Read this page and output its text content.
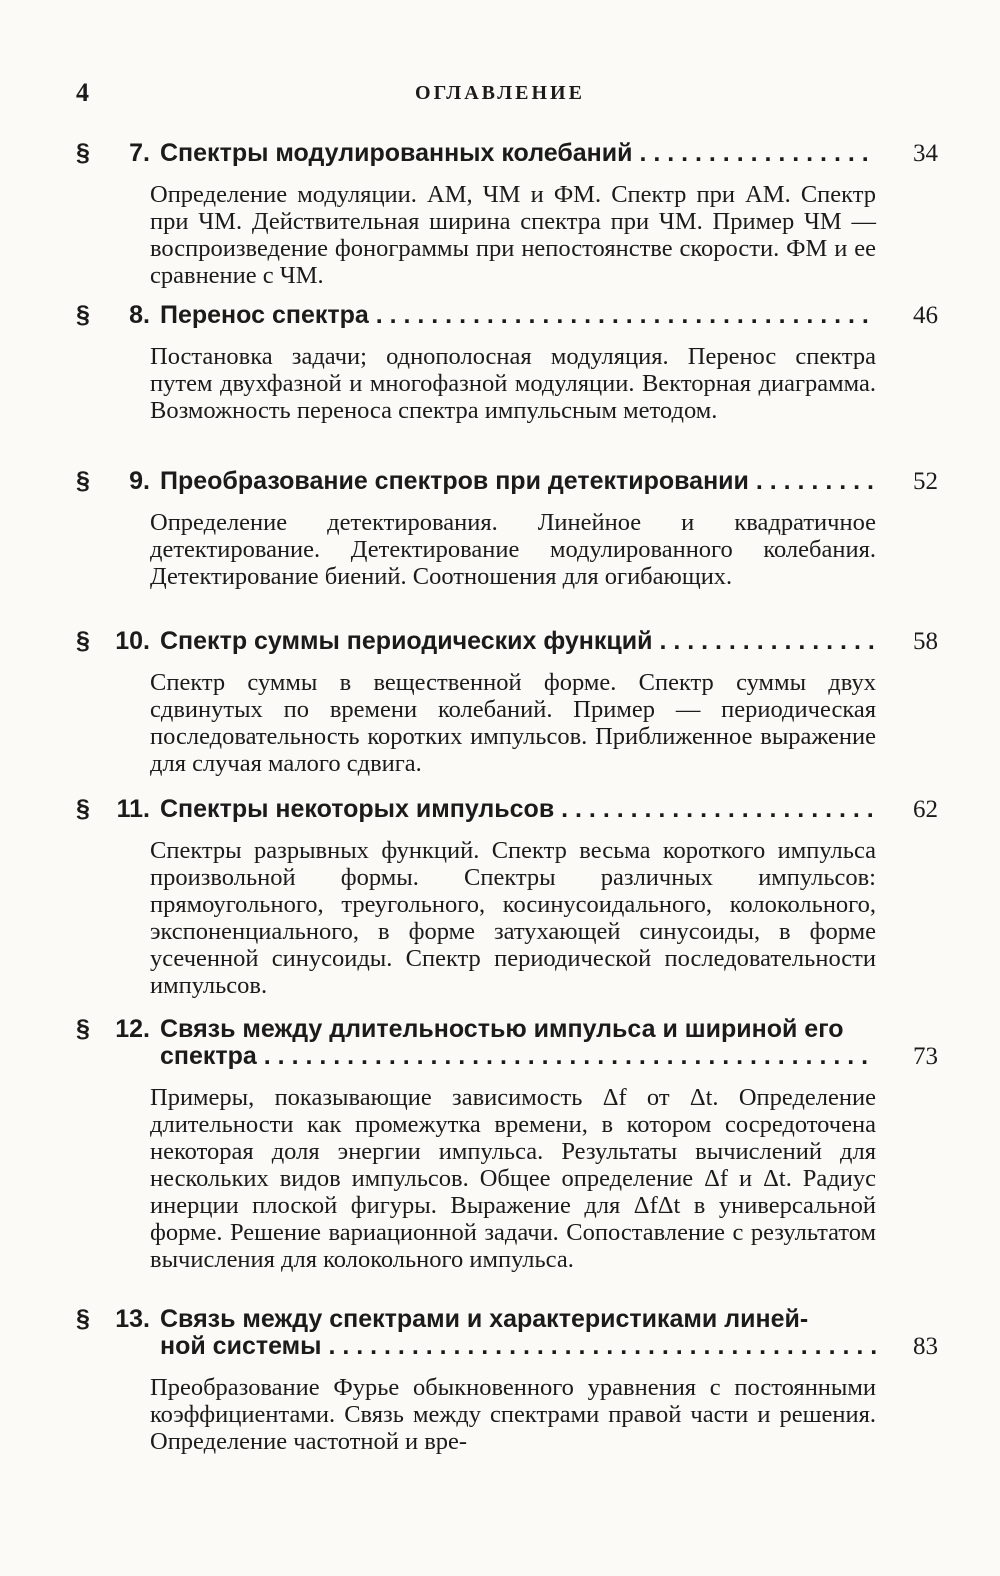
4	ОГЛАВЛЕНИЕ
§	7. Спектры модулированных колебаний . . .	34
Определение модуляции. АМ, ЧМ и ФМ. Спектр при АМ. Спектр при ЧМ. Действительная ширина спектра при ЧМ. Пример ЧМ — воспроизведение фонограммы при непостоянстве скорости. ФМ и ее сравнение с ЧМ.
§	8. Перенос спектра . . .	46
Постановка задачи; однополосная модуляция. Перенос спектра путем двухфазной и многофазной модуляции. Векторная диаграмма. Возможность переноса спектра импульсным методом.
§	9. Преобразование спектров при детектировании . . .	52
Определение детектирования. Линейное и квадратичное детектирование. Детектирование модулированного колебания. Детектирование биений. Соотношения для огибающих.
§	10. Спектр суммы периодических функций . . .	58
Спектр суммы в вещественной форме. Спектр суммы двух сдвинутых по времени колебаний. Пример — периодическая последовательность коротких импульсов. Приближенное выражение для случая малого сдвига.
§	11. Спектры некоторых импульсов . . .	62
Спектры разрывных функций. Спектр весьма короткого импульса произвольной формы. Спектры различных импульсов: прямоугольного, треугольного, косинусоидального, колокольного, экспоненциального, в форме затухающей синусоиды, в форме усеченной синусоиды. Спектр периодической последовательности импульсов.
§	12. Связь между длительностью импульса и шириной его
спектра . . .	73
Примеры, показывающие зависимость Δf от Δt. Определение длительности как промежутка времени, в котором сосредоточена некоторая доля энергии импульса. Результаты вычислений для нескольких видов импульсов. Общее определение Δf и Δt. Радиус инерции плоской фигуры. Выражение для ΔfΔt в универсальной форме. Решение вариационной задачи. Сопоставление с результатом вычисления для колокольного импульса.
§	13. Связь между спектрами и характеристиками линей-
ной системы . . .	83
Преобразование Фурье обыкновенного уравнения с постоянными коэффициентами. Связь между спектрами правой части и решения. Определение частотной и вре-
